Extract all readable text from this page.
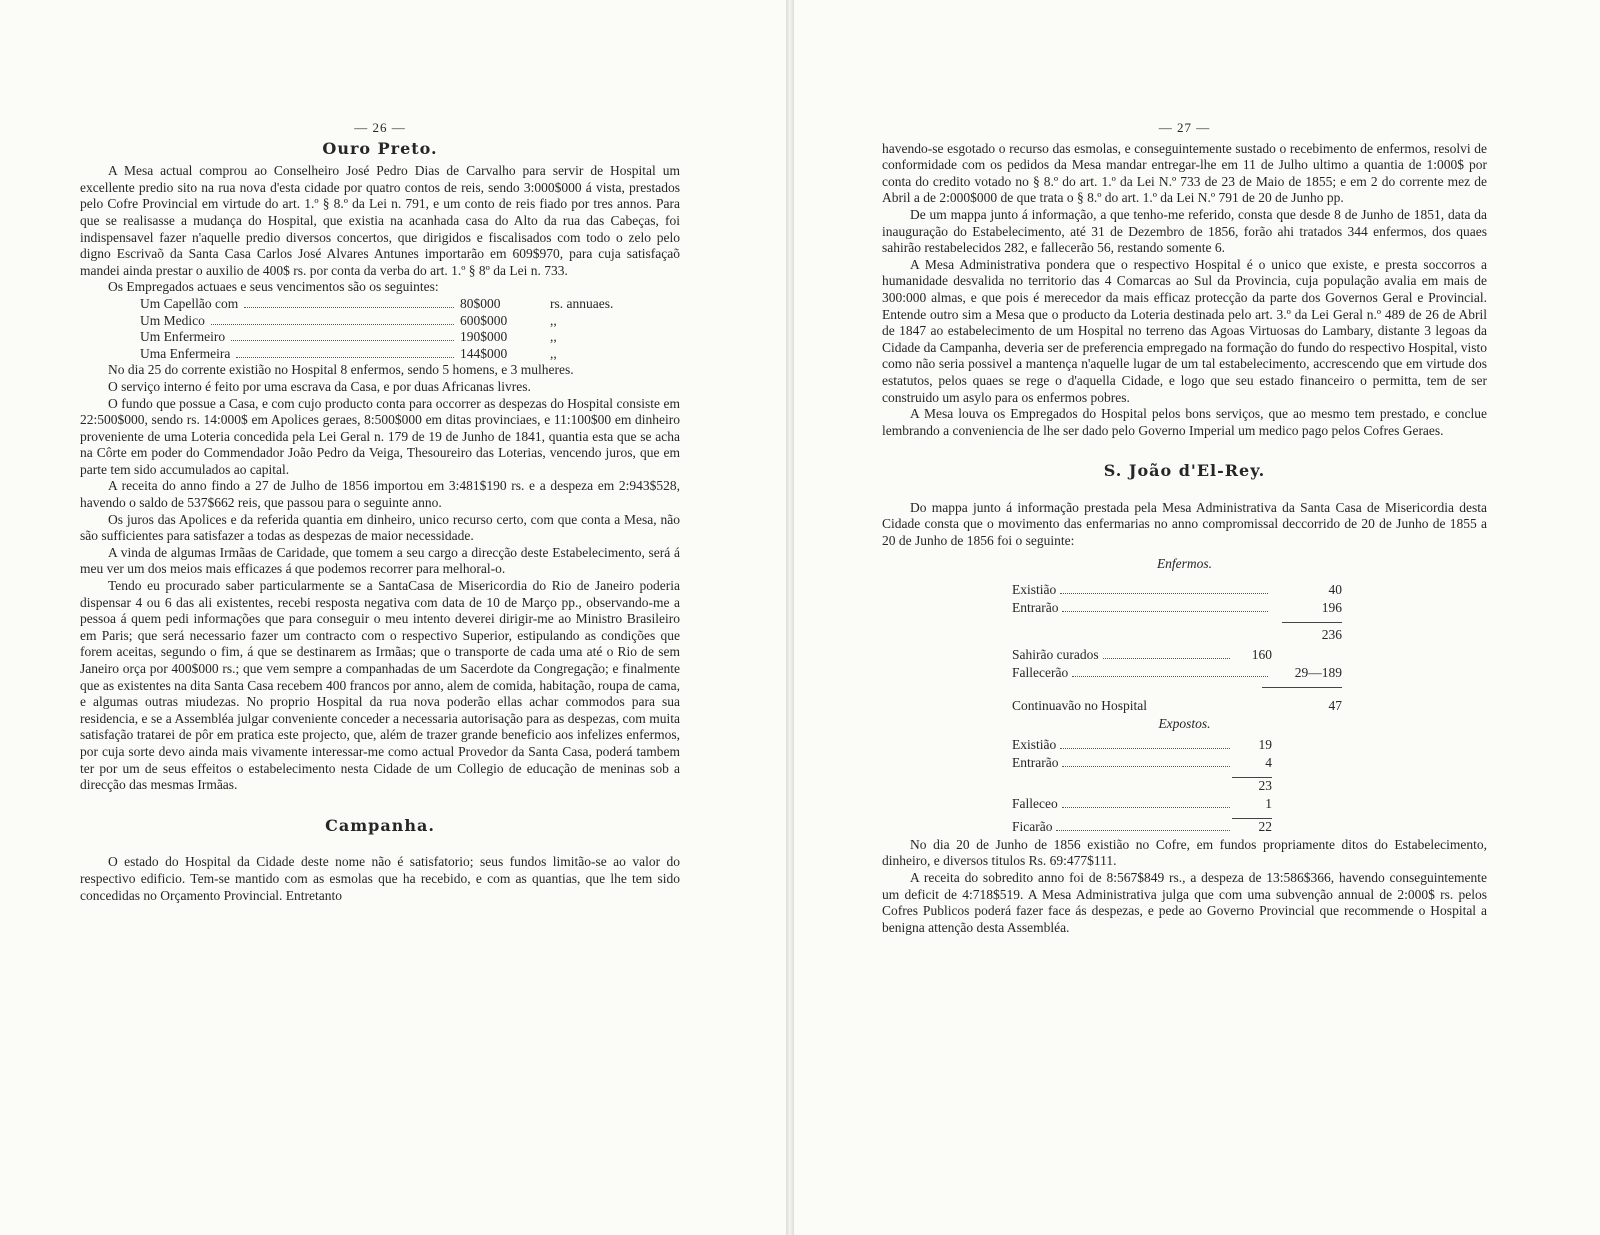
— 26 —
Ouro Preto.

A Mesa actual comprou ao Conselheiro José Pedro Dias de Carvalho para servir de Hospital um excellente predio sito na rua nova d'esta cidade por quatro contos de reis, sendo 3:000$000 á vista, prestados pelo Cofre Provincial em virtude do art. 1.º § 8.º da Lei n. 791, e um conto de reis fiado por tres annos. Para que se realisasse a mudança do Hospital, que existia na acanhada casa do Alto da rua das Cabeças, foi indispensavel fazer n'aquelle predio diversos concertos, que dirigidos e fiscalisados com todo o zelo pelo digno Escrivaõ da Santa Casa Carlos José Alvares Antunes importarão em 609$970, para cuja satisfaçaõ mandei ainda prestar o auxilio de 400$ rs. por conta da verba do art. 1.º § 8º da Lei n. 733.

Os Empregados actuaes e seus vencimentos são os seguintes:

Um Capellão com	80$000	rs. annuaes.
Um Medico	600$000	,,
Um Enfermeiro	190$000	,,
Uma Enfermeira	144$000	,,

No dia 25 do corrente existião no Hospital 8 enfermos, sendo 5 homens, e 3 mulheres.

O serviço interno é feito por uma escrava da Casa, e por duas Africanas livres.

O fundo que possue a Casa, e com cujo producto conta para occorrer as despezas do Hospital consiste em 22:500$000, sendo rs. 14:000$ em Apolices geraes, 8:500$000 em ditas provinciaes, e 11:100$00 em dinheiro proveniente de uma Loteria concedida pela Lei Geral n. 179 de 19 de Junho de 1841, quantia esta que se acha na Côrte em poder do Commendador João Pedro da Veiga, Thesoureiro das Loterias, vencendo juros, que em parte tem sido accumulados ao capital.

A receita do anno findo a 27 de Julho de 1856 importou em 3:481$190 rs. e a despeza em 2:943$528, havendo o saldo de 537$662 reis, que passou para o seguinte anno.

Os juros das Apolices e da referida quantia em dinheiro, unico recurso certo, com que conta a Mesa, não são sufficientes para satisfazer a todas as despezas de maior necessidade.

A vinda de algumas Irmãas de Caridade, que tomem a seu cargo a direcção deste Estabelecimento, será á meu ver um dos meios mais efficazes á que podemos recorrer para melhoral-o.

Tendo eu procurado saber particularmente se a SantaCasa de Misericordia do Rio de Janeiro poderia dispensar 4 ou 6 das ali existentes, recebi resposta negativa com data de 10 de Março pp., observando-me a pessoa á quem pedi informações que para conseguir o meu intento deverei dirigir-me ao Ministro Brasileiro em Paris; que será necessario fazer um contracto com o respectivo Superior, estipulando as condições que forem aceitas, segundo o fim, á que se destinarem as Irmãas; que o transporte de cada uma até o Rio de sem Janeiro orça por 400$000 rs.; que vem sempre a companhadas de um Sacerdote da Congregação; e finalmente que as existentes na dita Santa Casa recebem 400 francos por anno, alem de comida, habitação, roupa de cama, e algumas outras miudezas. No proprio Hospital da rua nova poderão ellas achar commodos para sua residencia, e se a Assembléa julgar conveniente conceder a necessaria autorisação para as despezas, com muita satisfação tratarei de pôr em pratica este projecto, que, além de trazer grande beneficio aos infelizes enfermos, por cuja sorte devo ainda mais vivamente interessar-me como actual Provedor da Santa Casa, poderá tambem ter por um de seus effeitos o estabelecimento nesta Cidade de um Collegio de educação de meninas sob a direcção das mesmas Irmãas.

Campanha.

O estado do Hospital da Cidade deste nome não é satisfatorio; seus fundos limitão-se ao valor do respectivo edificio. Tem-se mantido com as esmolas que ha recebido, e com as quantias, que lhe tem sido concedidas no Orçamento Provincial. Entretanto

— 27 —

havendo-se esgotado o recurso das esmolas, e conseguintemente sustado o recebimento de enfermos, resolvi de conformidade com os pedidos da Mesa mandar entregar-lhe em 11 de Julho ultimo a quantia de 1:000$ por conta do credito votado no § 8.º do art. 1.º da Lei N.º 733 de 23 de Maio de 1855; e em 2 do corrente mez de Abril a de 2:000$000 de que trata o § 8.º do art. 1.º da Lei N.º 791 de 20 de Junho pp.

De um mappa junto á informação, a que tenho-me referido, consta que desde 8 de Junho de 1851, data da inauguração do Estabelecimento, até 31 de Dezembro de 1856, forão ahi tratados 344 enfermos, dos quaes sahirão restabelecidos 282, e fallecerão 56, restando somente 6.

A Mesa Administrativa pondera que o respectivo Hospital é o unico que existe, e presta soccorros a humanidade desvalida no territorio das 4 Comarcas ao Sul da Provincia, cuja população avalia em mais de 300:000 almas, e que pois é merecedor da mais efficaz protecção da parte dos Governos Geral e Provincial. Entende outro sim a Mesa que o producto da Loteria destinada pelo art. 3.º da Lei Geral n.º 489 de 26 de Abril de 1847 ao estabelecimento de um Hospital no terreno das Agoas Virtuosas do Lambary, distante 3 legoas da Cidade da Campanha, deveria ser de preferencia empregado na formação do fundo do respectivo Hospital, visto como não seria possivel a mantença n'aquelle lugar de um tal estabelecimento, accrescendo que em virtude dos estatutos, pelos quaes se rege o d'aquella Cidade, e logo que seu estado financeiro o permitta, tem de ser construido um asylo para os enfermos pobres.

A Mesa louva os Empregados do Hospital pelos bons serviços, que ao mesmo tem prestado, e conclue lembrando a conveniencia de lhe ser dado pelo Governo Imperial um medico pago pelos Cofres Geraes.

S. João d'El-Rey.

Do mappa junto á informação prestada pela Mesa Administrativa da Santa Casa de Misericordia desta Cidade consta que o movimento das enfermarias no anno compromissal deccorrido de 20 de Junho de 1855 a 20 de Junho de 1856 foi o seguinte:

Enfermos.
Existião	40
Entrarão	196
236
Sahirão curados	160
Fallecerão	29—189
Continuavão no Hospital	47
Expostos.
Existião	19
Entrarão	4
23
Falleceo	1
Ficarão	22

No dia 20 de Junho de 1856 existião no Cofre, em fundos propriamente ditos do Estabelecimento, dinheiro, e diversos titulos Rs. 69:477$111.

A receita do sobredito anno foi de 8:567$849 rs., a despeza de 13:586$366, havendo conseguintemente um deficit de 4:718$519. A Mesa Administrativa julga que com uma subvenção annual de 2:000$ rs. pelos Cofres Publicos poderá fazer face ás despezas, e pede ao Governo Provincial que recommende o Hospital a benigna attenção desta Assembléa.
